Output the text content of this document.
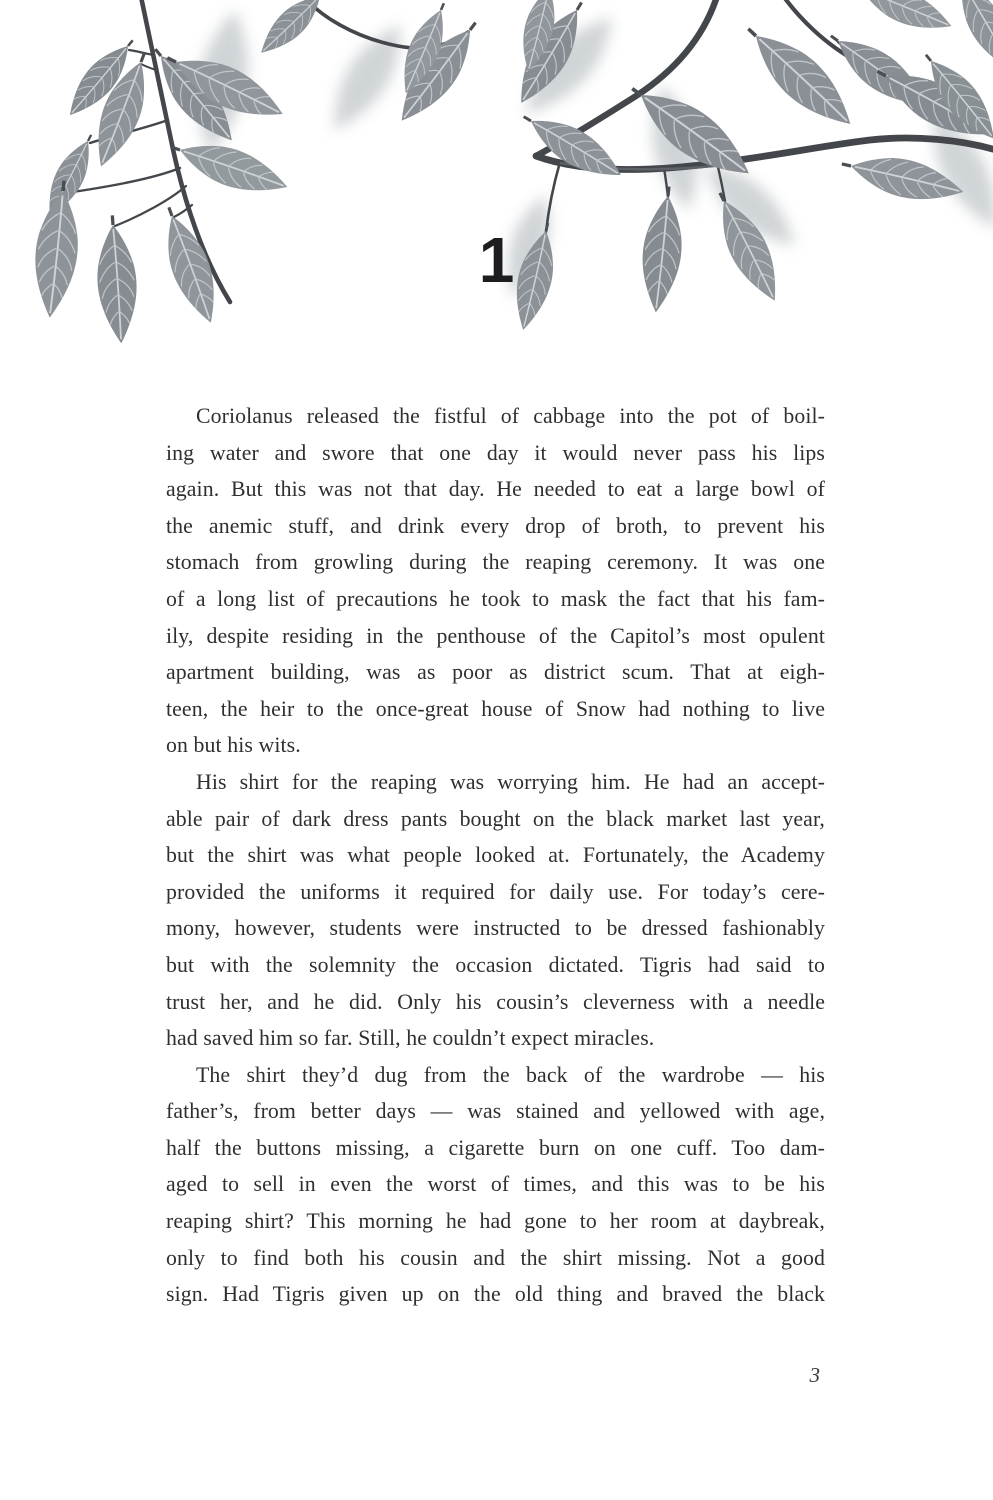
1
Coriolanus released the fistful of cabbage into the pot of boil-
ing water and swore that one day it would never pass his lips
again. But this was not that day. He needed to eat a large bowl of
the anemic stuff, and drink every drop of broth, to prevent his
stomach from growling during the reaping ceremony. It was one
of a long list of precautions he took to mask the fact that his fam-
ily, despite residing in the penthouse of the Capitol’s most opulent
apartment building, was as poor as district scum. That at eigh-
teen, the heir to the once-great house of Snow had nothing to live
on but his wits.
His shirt for the reaping was worrying him. He had an accept-
able pair of dark dress pants bought on the black market last year,
but the shirt was what people looked at. Fortunately, the Academy
provided the uniforms it required for daily use. For today’s cere-
mony, however, students were instructed to be dressed fashionably
but with the solemnity the occasion dictated. Tigris had said to
trust her, and he did. Only his cousin’s cleverness with a needle
had saved him so far. Still, he couldn’t expect miracles.
The shirt they’d dug from the back of the wardrobe — his
father’s, from better days — was stained and yellowed with age,
half the buttons missing, a cigarette burn on one cuff. Too dam-
aged to sell in even the worst of times, and this was to be his
reaping shirt? This morning he had gone to her room at daybreak,
only to find both his cousin and the shirt missing. Not a good
sign. Had Tigris given up on the old thing and braved the black
3
